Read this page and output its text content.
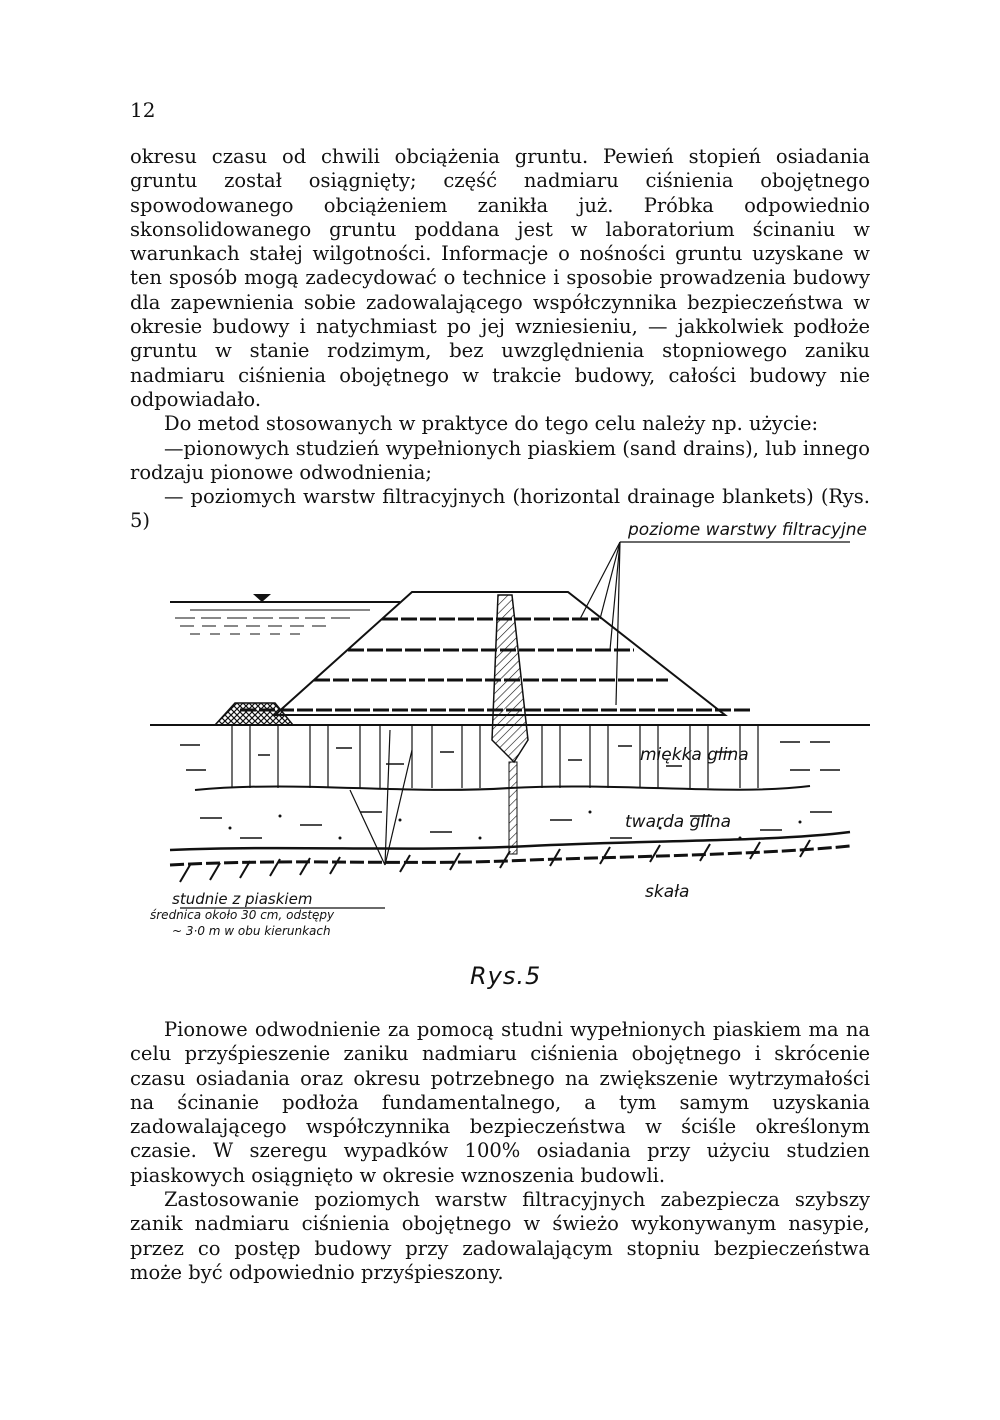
12

okresu czasu od chwili obciążenia gruntu. Pewień stopień osiadania gruntu został osiągnięty; część nadmiaru ciśnienia obojętnego spowodowanego obciążeniem zanikła już. Próbka odpowiednio skonsolidowanego gruntu poddana jest w laboratorium ścinaniu w warunkach stałej wilgotności. Informacje o nośności gruntu uzyskane w ten sposób mogą zadecydować o technice i sposobie prowadzenia budowy dla zapewnienia sobie zadowalającego współczynnika bezpieczeństwa w okresie budowy i natychmiast po jej wzniesieniu, — jakkolwiek podłoże gruntu w stanie rodzimym, bez uwzględnienia stopniowego zaniku nadmiaru ciśnienia obojętnego w trakcie budowy, całości budowy nie odpowiadało.

Do metod stosowanych w praktyce do tego celu należy np. użycie:

—pionowych studzień wypełnionych piaskiem (sand drains), lub innego rodzaju pionowe odwodnienia;

— poziomych warstw filtracyjnych (horizontal drainage blankets) (Rys. 5)	poziome warstwy filtracyjne
miękka glina
twarda glina
skała
studnie z piaskiem
średnica około 30 cm, odstępy
~ 3·0 m w obu kierunkach
Rys.5

Pionowe odwodnienie za pomocą studni wypełnionych piaskiem ma na celu przyśpieszenie zaniku nadmiaru ciśnienia obojętnego i skrócenie czasu osiadania oraz okresu potrzebnego na zwiększenie wytrzymałości na ścinanie podłoża fundamentalnego, a tym samym uzyskania zadowalającego współczynnika bezpieczeństwa w ściśle określonym czasie. W szeregu wypadków 100% osiadania przy użyciu studzien piaskowych osiągnięto w okresie wznoszenia budowli.

Zastosowanie poziomych warstw filtracyjnych zabezpiecza szybszy zanik nadmiaru ciśnienia obojętnego w świeżo wykonywanym nasypie, przez co postęp budowy przy zadowalającym stopniu bezpieczeństwa może być odpowiednio przyśpieszony.
